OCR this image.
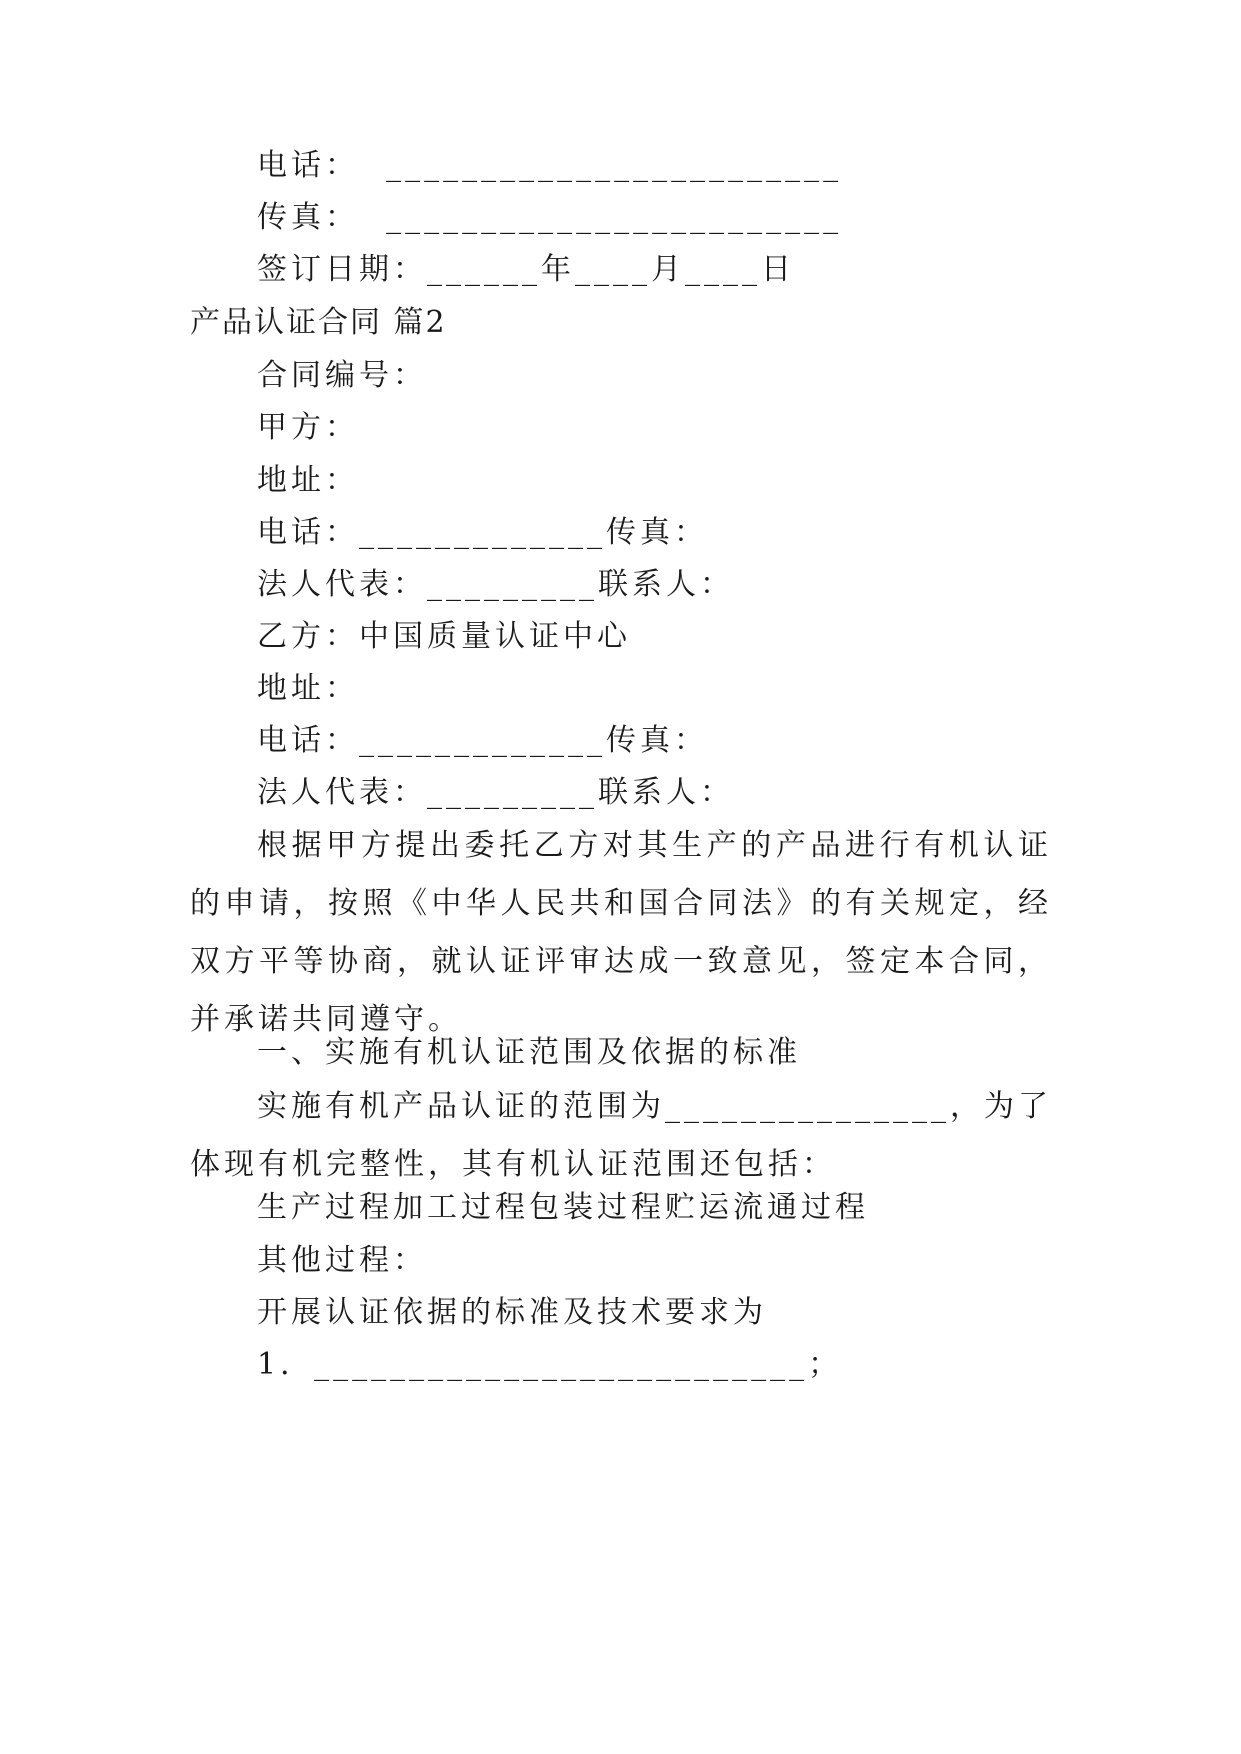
电话：  ________________________
传真：  ________________________
签订日期：______年____月____日
产品认证合同 篇2
合同编号：
甲方：
地址：
电话：_____________传真：
法人代表：_________联系人：
乙方：中国质量认证中心
地址：
电话：_____________传真：
法人代表：_________联系人：

根据甲方提出委托乙方对其生产的产品进行有机认证的申请，按照《中华人民共和国合同法》的有关规定，经双方平等协商，就认证评审达成一致意见，签定本合同，并承诺共同遵守。

一、实施有机认证范围及依据的标准

实施有机产品认证的范围为_______________，为了体现有机完整性，其有机认证范围还包括：

生产过程加工过程包装过程贮运流通过程
其他过程：
开展认证依据的标准及技术要求为
1．__________________________；
